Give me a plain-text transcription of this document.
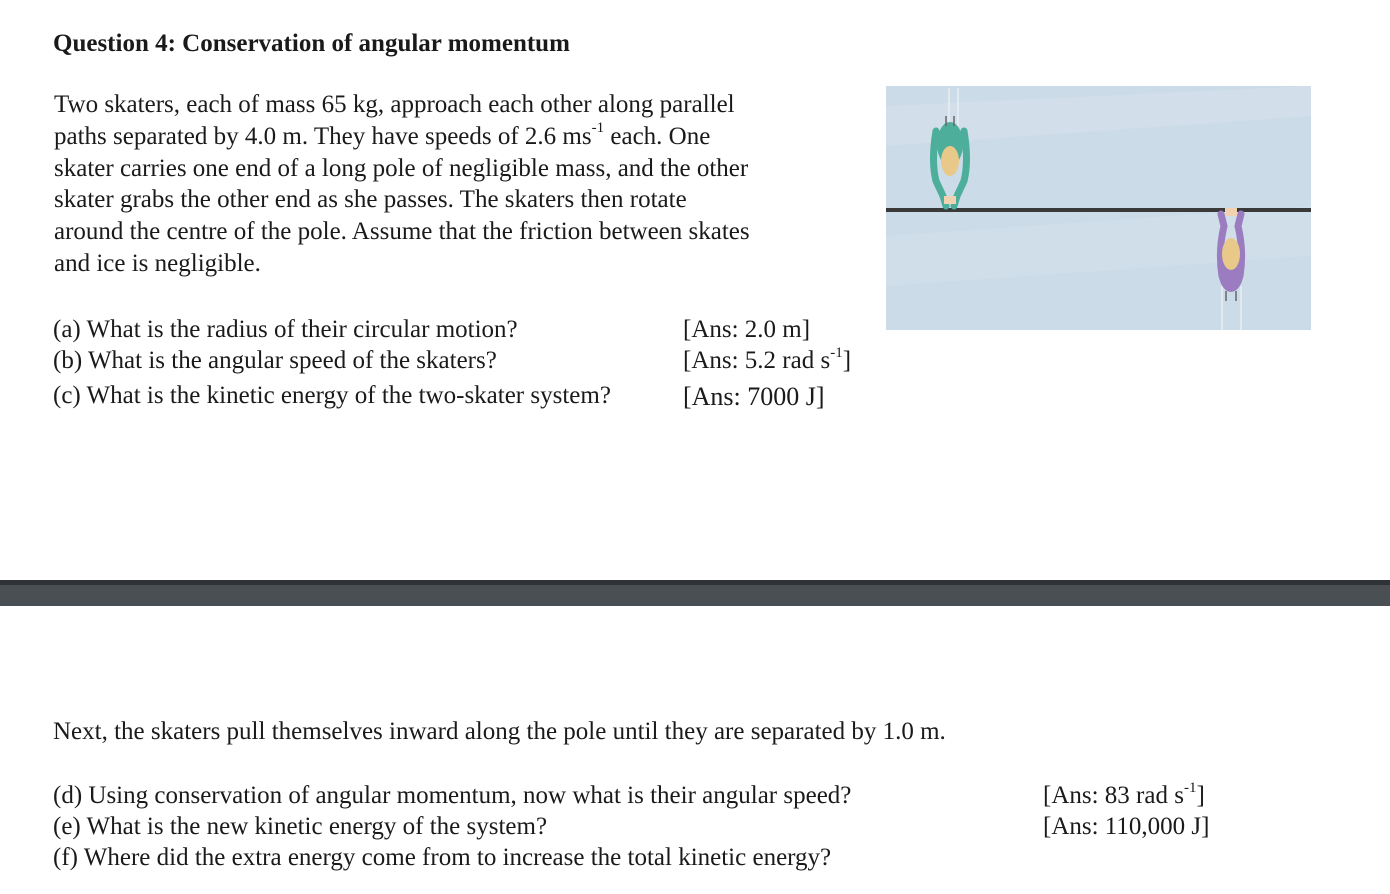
Question 4: Conservation of angular momentum
Two skaters, each of mass 65 kg, approach each other along parallel
paths separated by 4.0 m. They have speeds of 2.6 $ms^{-1}$ each. One
skater carries one end of a long pole of negligible mass, and the other
skater grabs the other end as she passes. The skaters then rotate
around the centre of the pole. Assume that the friction between skates
and ice is negligible.
(a) What is the radius of their circular motion?	[Ans: 2.0 m]
(b) What is the angular speed of the skaters?	[Ans: 5.2 rad $s^{-1}$]
(c) What is the kinetic energy of the two-skater system?	[Ans: 7000 J]
Next, the skaters pull themselves inward along the pole until they are separated by 1.0 m.
(d) Using conservation of angular momentum, now what is their angular speed?	[Ans: 83 rad $s^{-1}$]
(e) What is the new kinetic energy of the system?	[Ans: 110,000 J]
(f) Where did the extra energy come from to increase the total kinetic energy?
